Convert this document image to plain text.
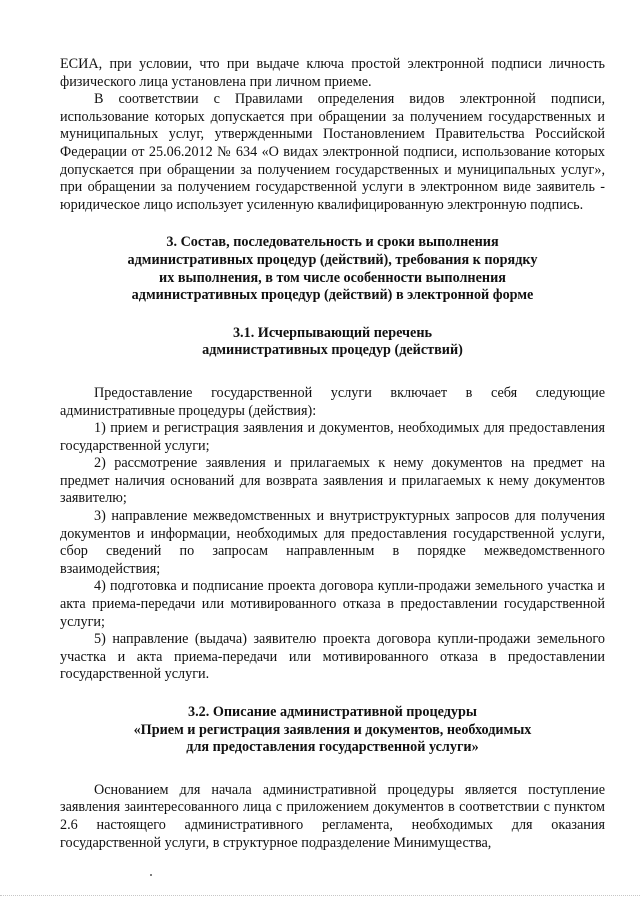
ЕСИА, при условии, что при выдаче ключа простой электронной подписи личность физического лица установлена при личном приеме.

В соответствии с Правилами определения видов электронной подписи, использование которых допускается при обращении за получением государственных и муниципальных услуг, утвержденными Постановлением Правительства Российской Федерации от 25.06.2012 № 634 «О видах электронной подписи, использование которых допускается при обращении за получением государственных и муниципальных услуг», при обращении за получением государственной услуги в электронном виде заявитель - юридическое лицо использует усиленную квалифицированную электронную подпись.

3. Состав, последовательность и сроки выполнения

административных процедур (действий), требования к порядку

их выполнения, в том числе особенности выполнения

административных процедур (действий) в электронной форме

3.1. Исчерпывающий перечень

административных процедур (действий)

Предоставление государственной услуги включает в себя следующие административные процедуры (действия):

1) прием и регистрация заявления и документов, необходимых для предоставления государственной услуги;

2) рассмотрение заявления и прилагаемых к нему документов на предмет на предмет наличия оснований для возврата заявления и прилагаемых к нему документов заявителю;

3) направление межведомственных и внутриструктурных запросов для получения документов и информации, необходимых для предоставления государственной услуги, сбор сведений по запросам направленным в порядке межведомственного взаимодействия;

4) подготовка и подписание проекта договора купли-продажи земельного участка и акта приема-передачи или мотивированного отказа в предоставлении государственной услуги;

5) направление (выдача) заявителю проекта договора купли-продажи земельного участка и акта приема-передачи или мотивированного отказа в предоставлении государственной услуги.

3.2. Описание административной процедуры

«Прием и регистрация заявления и документов, необходимых

для предоставления государственной услуги»

Основанием для начала административной процедуры является поступление заявления заинтересованного лица с приложением документов в соответствии с пунктом 2.6 настоящего административного регламента, необходимых для оказания государственной услуги, в структурное подразделение Минимущества,
